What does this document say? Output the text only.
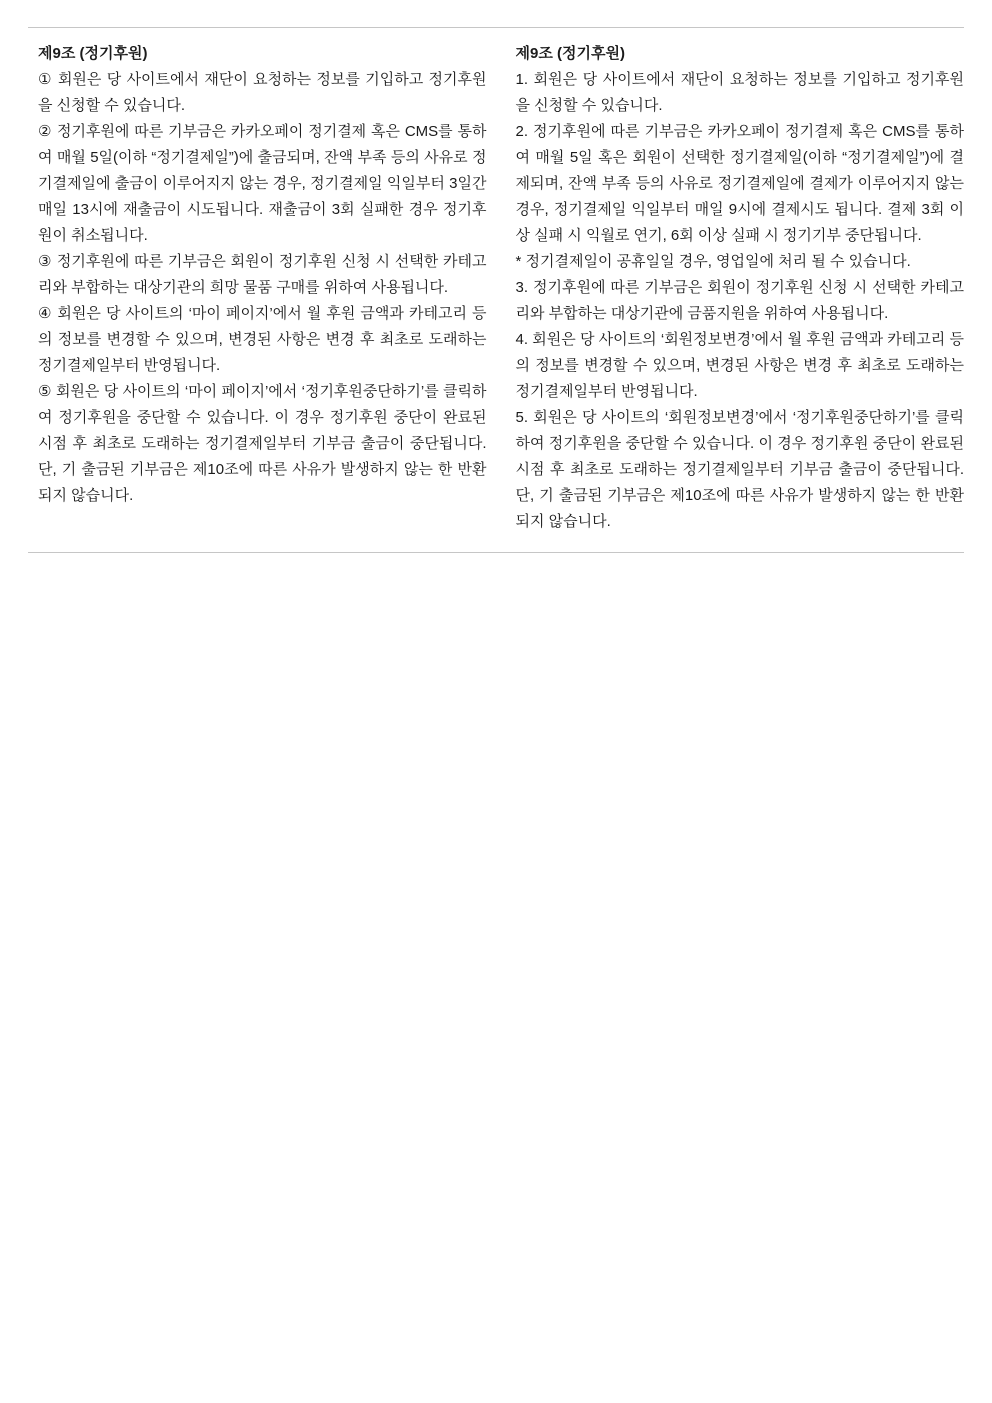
제9조 (정기후원)

① 회원은 당 사이트에서 재단이 요청하는 정보를 기입하고 정기후원을 신청할 수 있습니다.

② 정기후원에 따른 기부금은 카카오페이 정기결제 혹은 CMS를 통하여 매월 5일(이하 “정기결제일”)에 출금되며, 잔액 부족 등의 사유로 정기결제일에 출금이 이루어지지 않는 경우, 정기결제일 익일부터 3일간 매일 13시에 재출금이 시도됩니다. 재출금이 3회 실패한 경우 정기후원이 취소됩니다.

③ 정기후원에 따른 기부금은 회원이 정기후원 신청 시 선택한 카테고리와 부합하는 대상기관의 희망 물품 구매를 위하여 사용됩니다.

④ 회원은 당 사이트의 ‘마이 페이지’에서 월 후원 금액과 카테고리 등의 정보를 변경할 수 있으며, 변경된 사항은 변경 후 최초로 도래하는 정기결제일부터 반영됩니다.

⑤ 회원은 당 사이트의 ‘마이 페이지’에서 ‘정기후원중단하기’를 클릭하여 정기후원을 중단할 수 있습니다. 이 경우 정기후원 중단이 완료된 시점 후 최초로 도래하는 정기결제일부터 기부금 출금이 중단됩니다. 단, 기 출금된 기부금은 제10조에 따른 사유가 발생하지 않는 한 반환되지 않습니다.

제9조 (정기후원)

1. 회원은 당 사이트에서 재단이 요청하는 정보를 기입하고 정기후원을 신청할 수 있습니다.

2. 정기후원에 따른 기부금은 카카오페이 정기결제 혹은 CMS를 통하여 매월 5일 혹은 회원이 선택한 정기결제일(이하 “정기결제일”)에 결제되며, 잔액 부족 등의 사유로 정기결제일에 결제가 이루어지지 않는 경우, 정기결제일 익일부터 매일 9시에 결제시도 됩니다. 결제 3회 이상 실패 시 익월로 연기, 6회 이상 실패 시 정기기부 중단됩니다.

* 정기결제일이 공휴일일 경우, 영업일에 처리 될 수 있습니다.

3. 정기후원에 따른 기부금은 회원이 정기후원 신청 시 선택한 카테고리와 부합하는 대상기관에 금품지원을 위하여 사용됩니다.

4. 회원은 당 사이트의 ‘회원정보변경’에서 월 후원 금액과 카테고리 등의 정보를 변경할 수 있으며, 변경된 사항은 변경 후 최초로 도래하는 정기결제일부터 반영됩니다.

5. 회원은 당 사이트의 ‘회원정보변경’에서 ‘정기후원중단하기’를 클릭하여 정기후원을 중단할 수 있습니다. 이 경우 정기후원 중단이 완료된 시점 후 최초로 도래하는 정기결제일부터 기부금 출금이 중단됩니다. 단, 기 출금된 기부금은 제10조에 따른 사유가 발생하지 않는 한 반환되지 않습니다.
